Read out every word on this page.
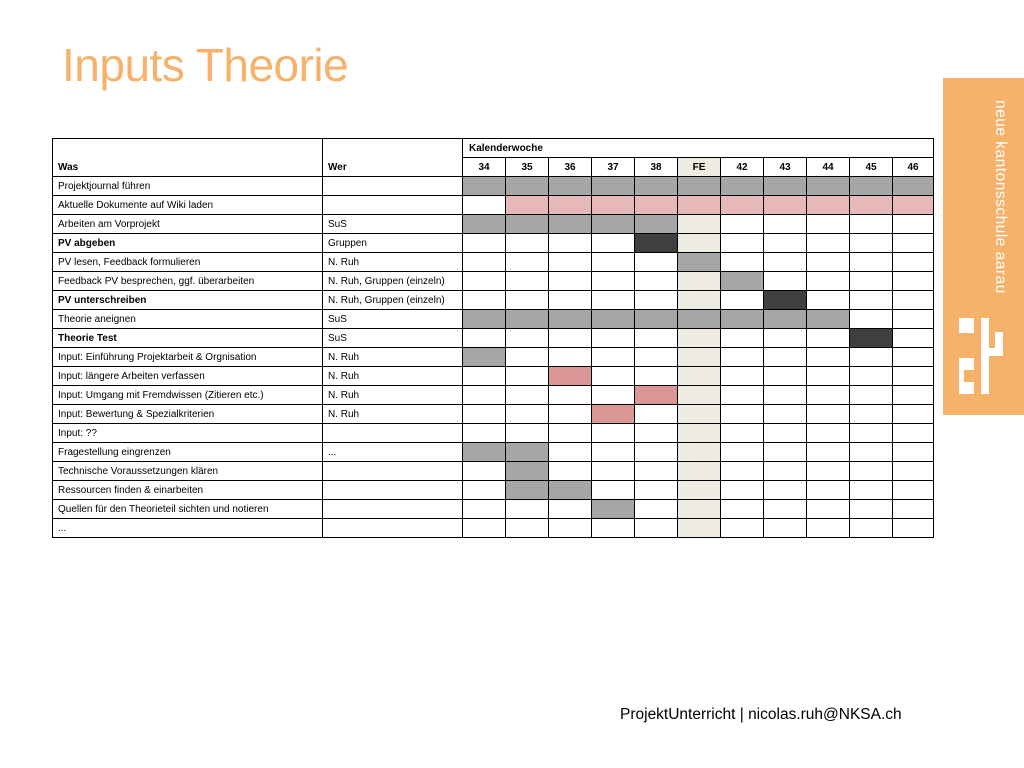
Inputs Theorie
neue kantonsschule aarau
Was	Wer	Kalenderwoche										
		34	35	36	37	38	FE	42	43	44	45	46
Projektjournal führen												
Aktuelle Dokumente auf Wiki laden												
Arbeiten am Vorprojekt	SuS											
PV abgeben	Gruppen											
PV lesen, Feedback formulieren	N. Ruh											
Feedback PV besprechen, ggf. überarbeiten	N. Ruh, Gruppen (einzeln)											
PV unterschreiben	N. Ruh, Gruppen (einzeln)											
Theorie aneignen	SuS											
Theorie Test	SuS											
Input: Einführung Projektarbeit & Orgnisation	N. Ruh											
Input: längere Arbeiten verfassen	N. Ruh											
Input: Umgang mit Fremdwissen (Zitieren etc.)	N. Ruh											
Input: Bewertung & Spezialkriterien	N. Ruh											
Input: ??												
Fragestellung eingrenzen	...											
Technische Voraussetzungen klären												
Ressourcen finden & einarbeiten												
Quellen für den Theorieteil sichten und notieren												
...												
ProjektUnterricht | nicolas.ruh@NKSA.ch
